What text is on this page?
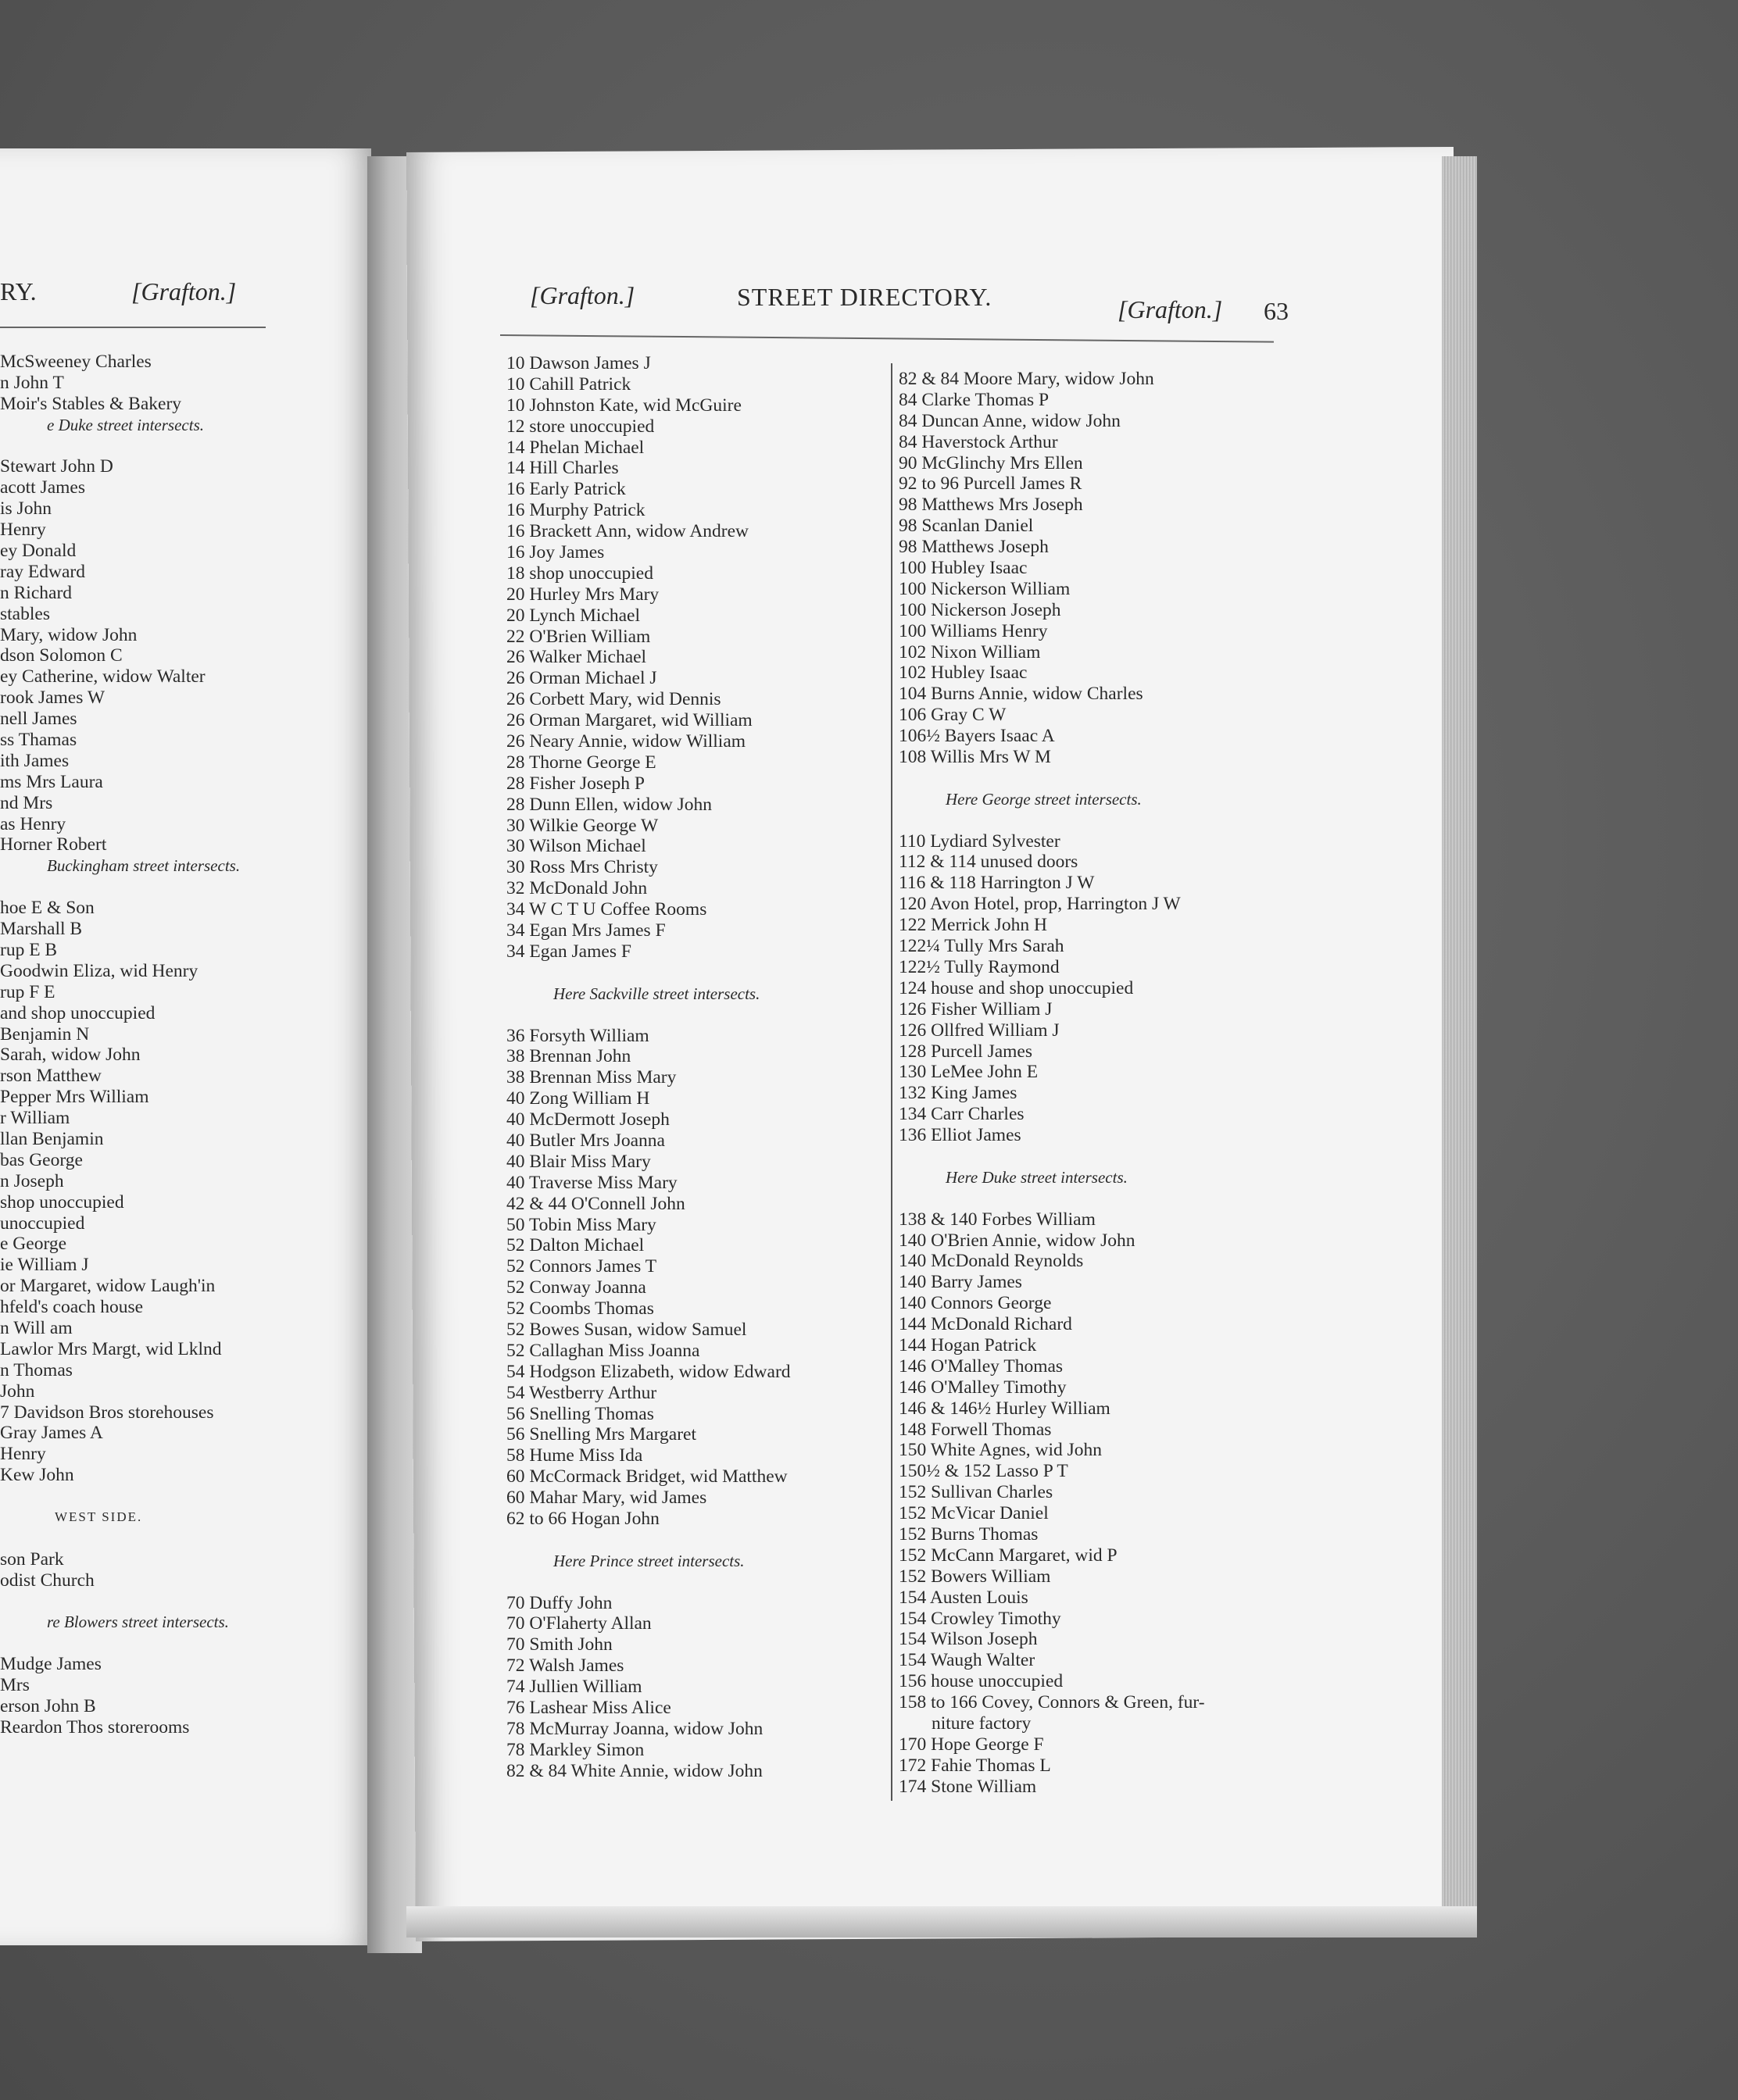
RY.	[Grafton.]	[Grafton.]	STREET DIRECTORY.	[Grafton.] 63
McSweeney Charles
n John T
Moir's Stables & Bakery
e Duke street intersects.
Stewart John D
acott James
is John
Henry
ey Donald
ray Edward
n Richard
stables
Mary, widow John
dson Solomon C
ey Catherine, widow Walter
rook James W
nell James
ss Thamas
ith James
ms Mrs Laura
nd Mrs
as Henry
Horner Robert
Buckingham street intersects.
hoe E & Son
Marshall B
rup E B
Goodwin Eliza, wid Henry
rup F E
and shop unoccupied
Benjamin N
Sarah, widow John
rson Matthew
Pepper Mrs William
r William
llan Benjamin
bas George
n Joseph
shop unoccupied
unoccupied
e George
ie William J
or Margaret, widow Laugh'in
hfeld's coach house
n Will am
Lawlor Mrs Margt, wid Lklnd
n Thomas
John
7 Davidson Bros storehouses
Gray James A
Henry
Kew John
WEST SIDE.
son Park
odist Church
re Blowers street intersects.
Mudge James
Mrs
erson John B
Reardon Thos storerooms
10 Dawson James J
10 Cahill Patrick
10 Johnston Kate, wid McGuire
12 store unoccupied
14 Phelan Michael
14 Hill Charles
16 Early Patrick
16 Murphy Patrick
16 Brackett Ann, widow Andrew
16 Joy James
18 shop unoccupied
20 Hurley Mrs Mary
20 Lynch Michael
22 O'Brien William
26 Walker Michael
26 Orman Michael J
26 Corbett Mary, wid Dennis
26 Orman Margaret, wid William
26 Neary Annie, widow William
28 Thorne George E
28 Fisher Joseph P
28 Dunn Ellen, widow John
30 Wilkie George W
30 Wilson Michael
30 Ross Mrs Christy
32 McDonald John
34 W C T U Coffee Rooms
34 Egan Mrs James F
34 Egan James F
Here Sackville street intersects.
36 Forsyth William
38 Brennan John
38 Brennan Miss Mary
40 Zong William H
40 McDermott Joseph
40 Butler Mrs Joanna
40 Blair Miss Mary
40 Traverse Miss Mary
42 & 44 O'Connell John
50 Tobin Miss Mary
52 Dalton Michael
52 Connors James T
52 Conway Joanna
52 Coombs Thomas
52 Bowes Susan, widow Samuel
52 Callaghan Miss Joanna
54 Hodgson Elizabeth, widow Edward
54 Westberry Arthur
56 Snelling Thomas
56 Snelling Mrs Margaret
58 Hume Miss Ida
60 McCormack Bridget, wid Matthew
60 Mahar Mary, wid James
62 to 66 Hogan John
Here Prince street intersects.
70 Duffy John
70 O'Flaherty Allan
70 Smith John
72 Walsh James
74 Jullien William
76 Lashear Miss Alice
78 McMurray Joanna, widow John
78 Markley Simon
82 & 84 White Annie, widow John
82 & 84 Moore Mary, widow John
84 Clarke Thomas P
84 Duncan Anne, widow John
84 Haverstock Arthur
90 McGlinchy Mrs Ellen
92 to 96 Purcell James R
98 Matthews Mrs Joseph
98 Scanlan Daniel
98 Matthews Joseph
100 Hubley Isaac
100 Nickerson William
100 Nickerson Joseph
100 Williams Henry
102 Nixon William
102 Hubley Isaac
104 Burns Annie, widow Charles
106 Gray C W
106½ Bayers Isaac A
108 Willis Mrs W M
Here George street intersects.
110 Lydiard Sylvester
112 & 114 unused doors
116 & 118 Harrington J W
120 Avon Hotel, prop, Harrington J W
122 Merrick John H
122¼ Tully Mrs Sarah
122½ Tully Raymond
124 house and shop unoccupied
126 Fisher William J
126 Ollfred William J
128 Purcell James
130 LeMee John E
132 King James
134 Carr Charles
136 Elliot James
Here Duke street intersects.
138 & 140 Forbes William
140 O'Brien Annie, widow John
140 McDonald Reynolds
140 Barry James
140 Connors George
144 McDonald Richard
144 Hogan Patrick
146 O'Malley Thomas
146 O'Malley Timothy
146 & 146½ Hurley William
148 Forwell Thomas
150 White Agnes, wid John
150½ & 152 Lasso P T
152 Sullivan Charles
152 McVicar Daniel
152 Burns Thomas
152 McCann Margaret, wid P
152 Bowers William
154 Austen Louis
154 Crowley Timothy
154 Wilson Joseph
154 Waugh Walter
156 house unoccupied
158 to 166 Covey, Connors & Green, fur-
niture factory
170 Hope George F
172 Fahie Thomas L
174 Stone William
